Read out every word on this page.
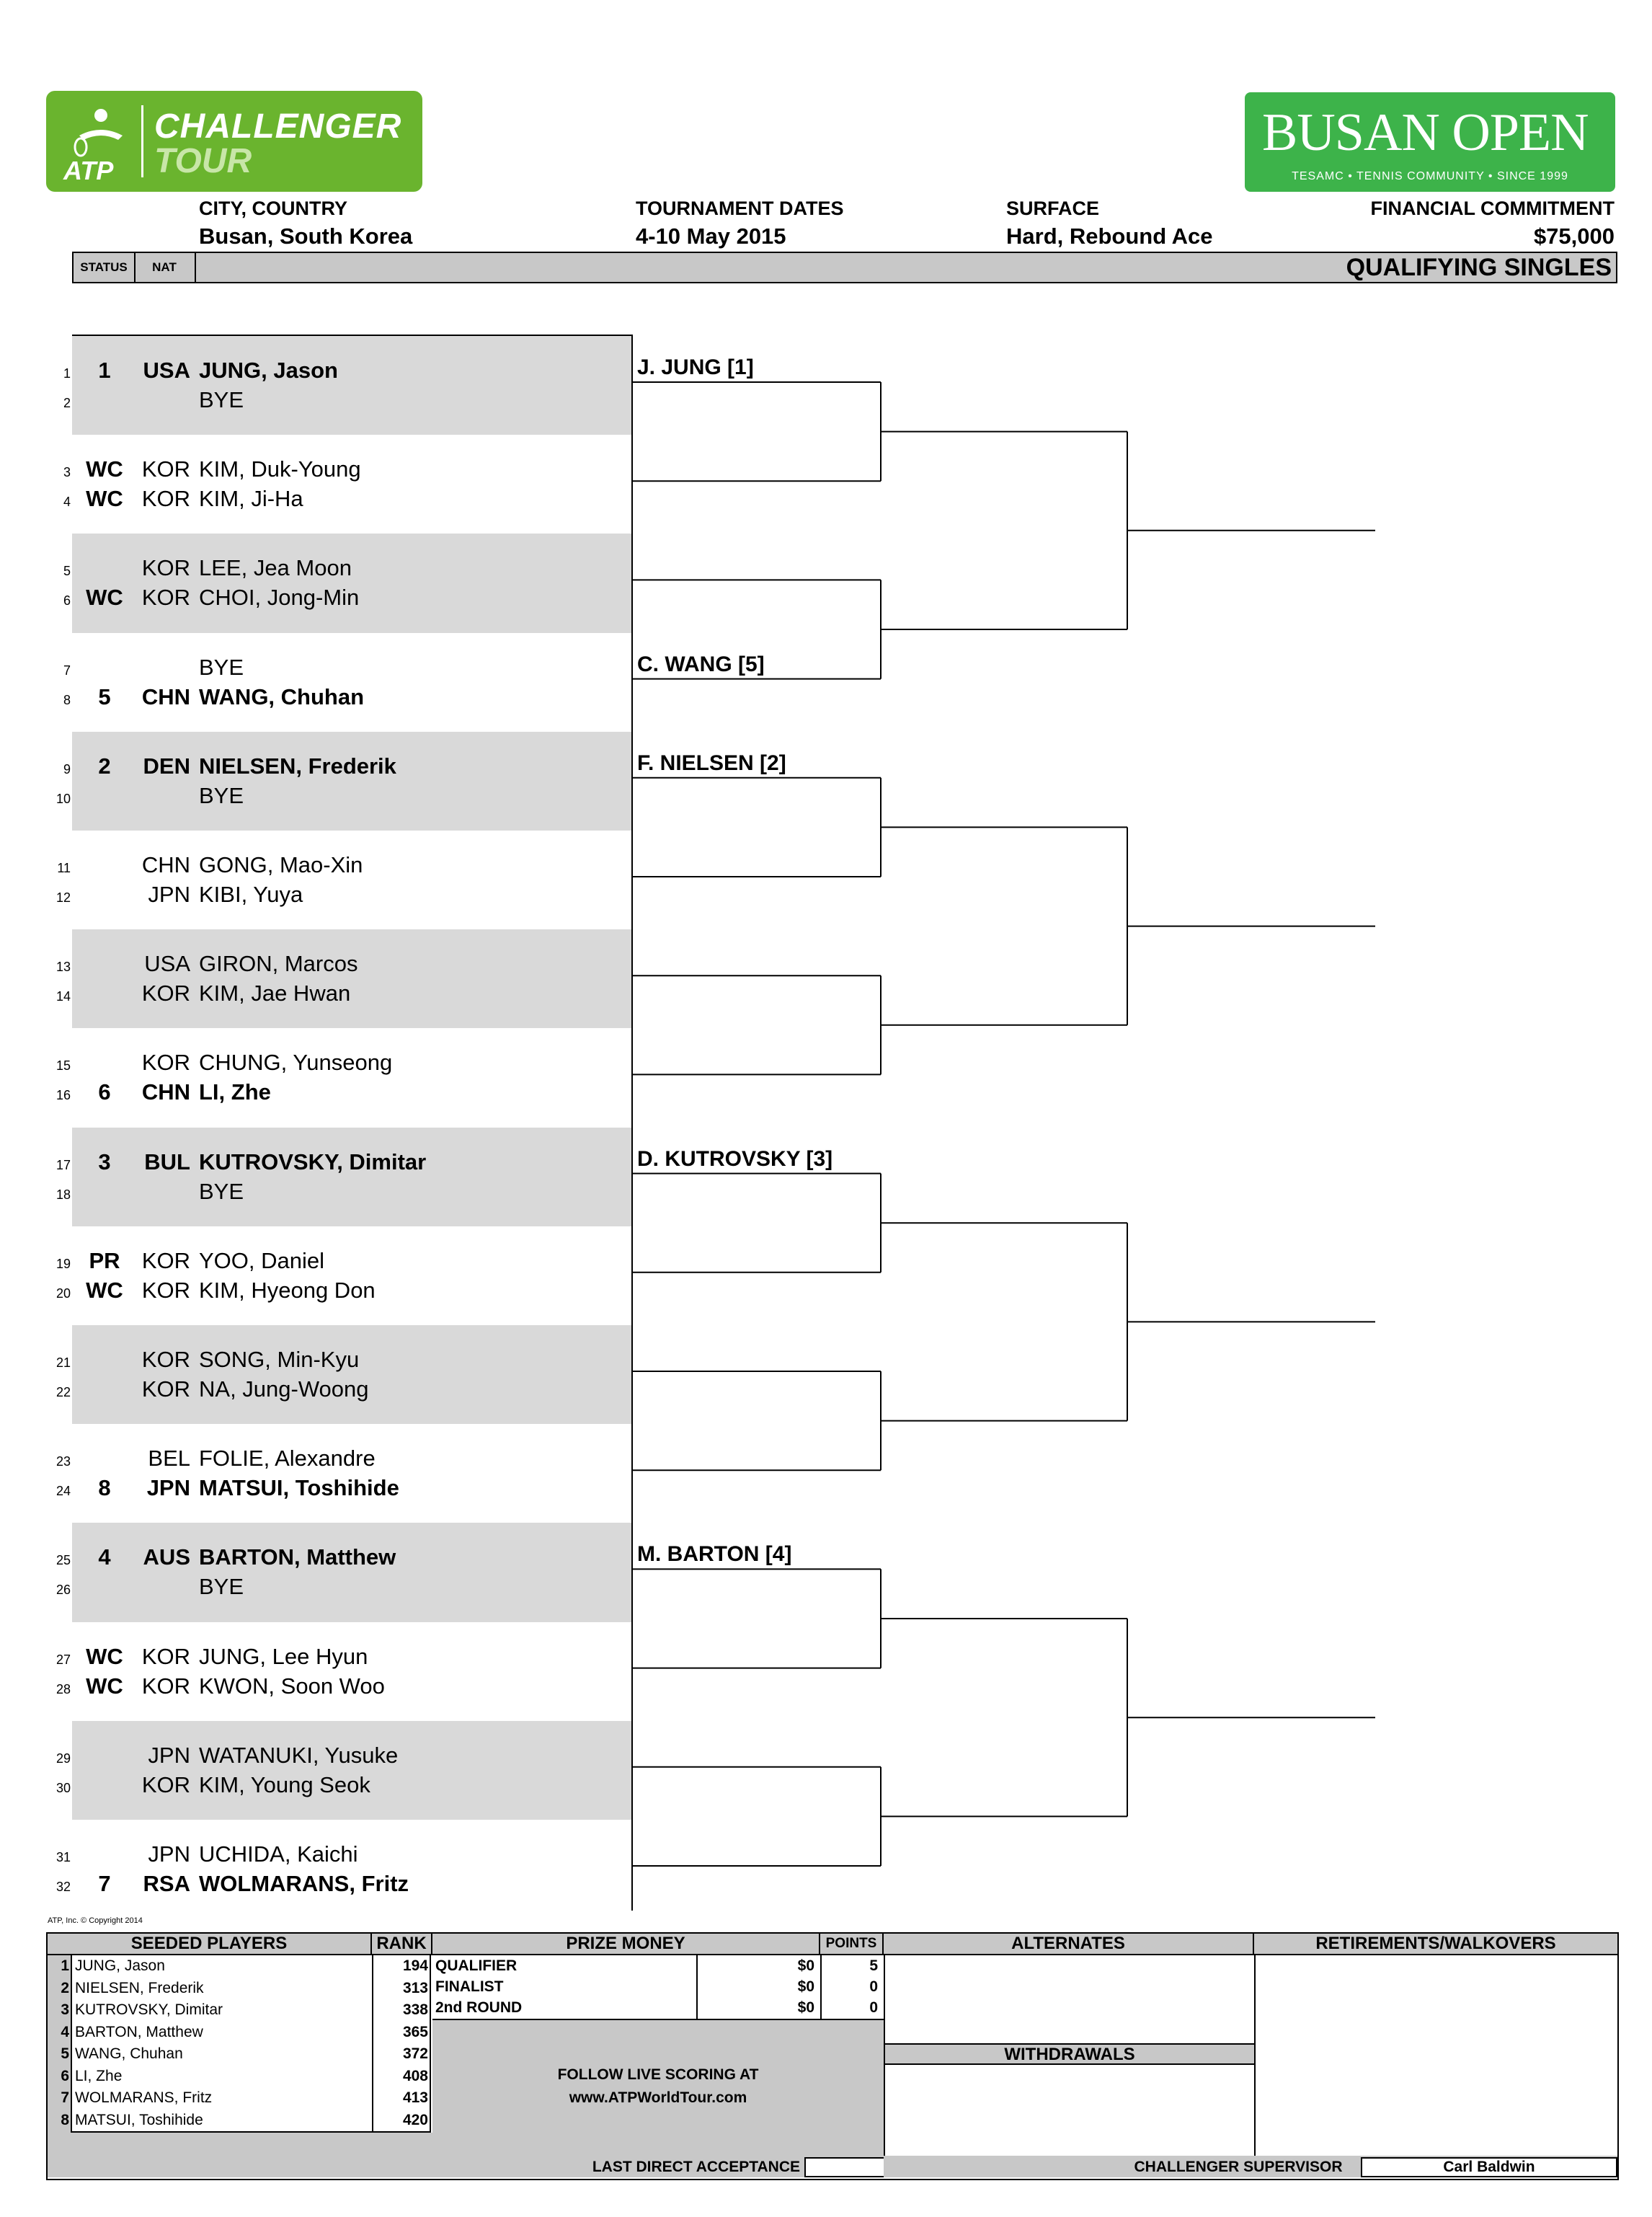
ATP
CHALLENGER
TOUR	BUSAN OPEN
TESAMC • TENNIS COMMUNITY • SINCE 1999
CITY, COUNTRY
Busan, South Korea
TOURNAMENT DATES
4-10 May 2015
SURFACE
Hard, Rebound Ace
FINANCIAL COMMITMENT
$75,000
STATUS	NAT	QUALIFYING SINGLES
1	1	USA JUNG, Jason
2	BYE
3 WC KOR KIM, Duk-Young
4 WC KOR KIM, Ji-Ha
5	KOR LEE, Jea Moon
6 WC KOR CHOI, Jong-Min
7	BYE
8	5	CHN WANG, Chuhan
9	2	DEN NIELSEN, Frederik
10	BYE
11	CHN GONG, Mao-Xin
12	JPN KIBI, Yuya
13	USA GIRON, Marcos
14	KOR KIM, Jae Hwan
15	KOR CHUNG, Yunseong
16	6	CHN LI, Zhe
17	3	BUL KUTROVSKY, Dimitar
18	BYE
19 PR KOR YOO, Daniel
20 WC KOR KIM, Hyeong Don
21	KOR SONG, Min-Kyu
22	KOR NA, Jung-Woong
23	BEL FOLIE, Alexandre
24	8	JPN MATSUI, Toshihide
25	4	AUS BARTON, Matthew
26	BYE
27 WC KOR JUNG, Lee Hyun
28 WC KOR KWON, Soon Woo
29	JPN WATANUKI, Yusuke
30	KOR KIM, Young Seok
31	JPN UCHIDA, Kaichi
32	7	RSA WOLMARANS, Fritz
J. JUNG [1]
C. WANG [5]
F. NIELSEN [2]
D. KUTROVSKY [3]
M. BARTON [4]
ATP, Inc. © Copyright 2014
SEEDED PLAYERS	RANK	PRIZE MONEY	POINTS	ALTERNATES	RETIREMENTS/WALKOVERS
1 JUNG, Jason	194
2 NIELSEN, Frederik	313
3 KUTROVSKY, Dimitar	338
4 BARTON, Matthew	365
5 WANG, Chuhan	372
6 LI, Zhe	408
7 WOLMARANS, Fritz	413
8 MATSUI, Toshihide	420
QUALIFIER	$0	5
FINALIST	$0	0
2nd ROUND	$0	0
FOLLOW LIVE SCORING AT
www.ATPWorldTour.com
WITHDRAWALS
LAST DIRECT ACCEPTANCE	CHALLENGER SUPERVISOR	Carl Baldwin
